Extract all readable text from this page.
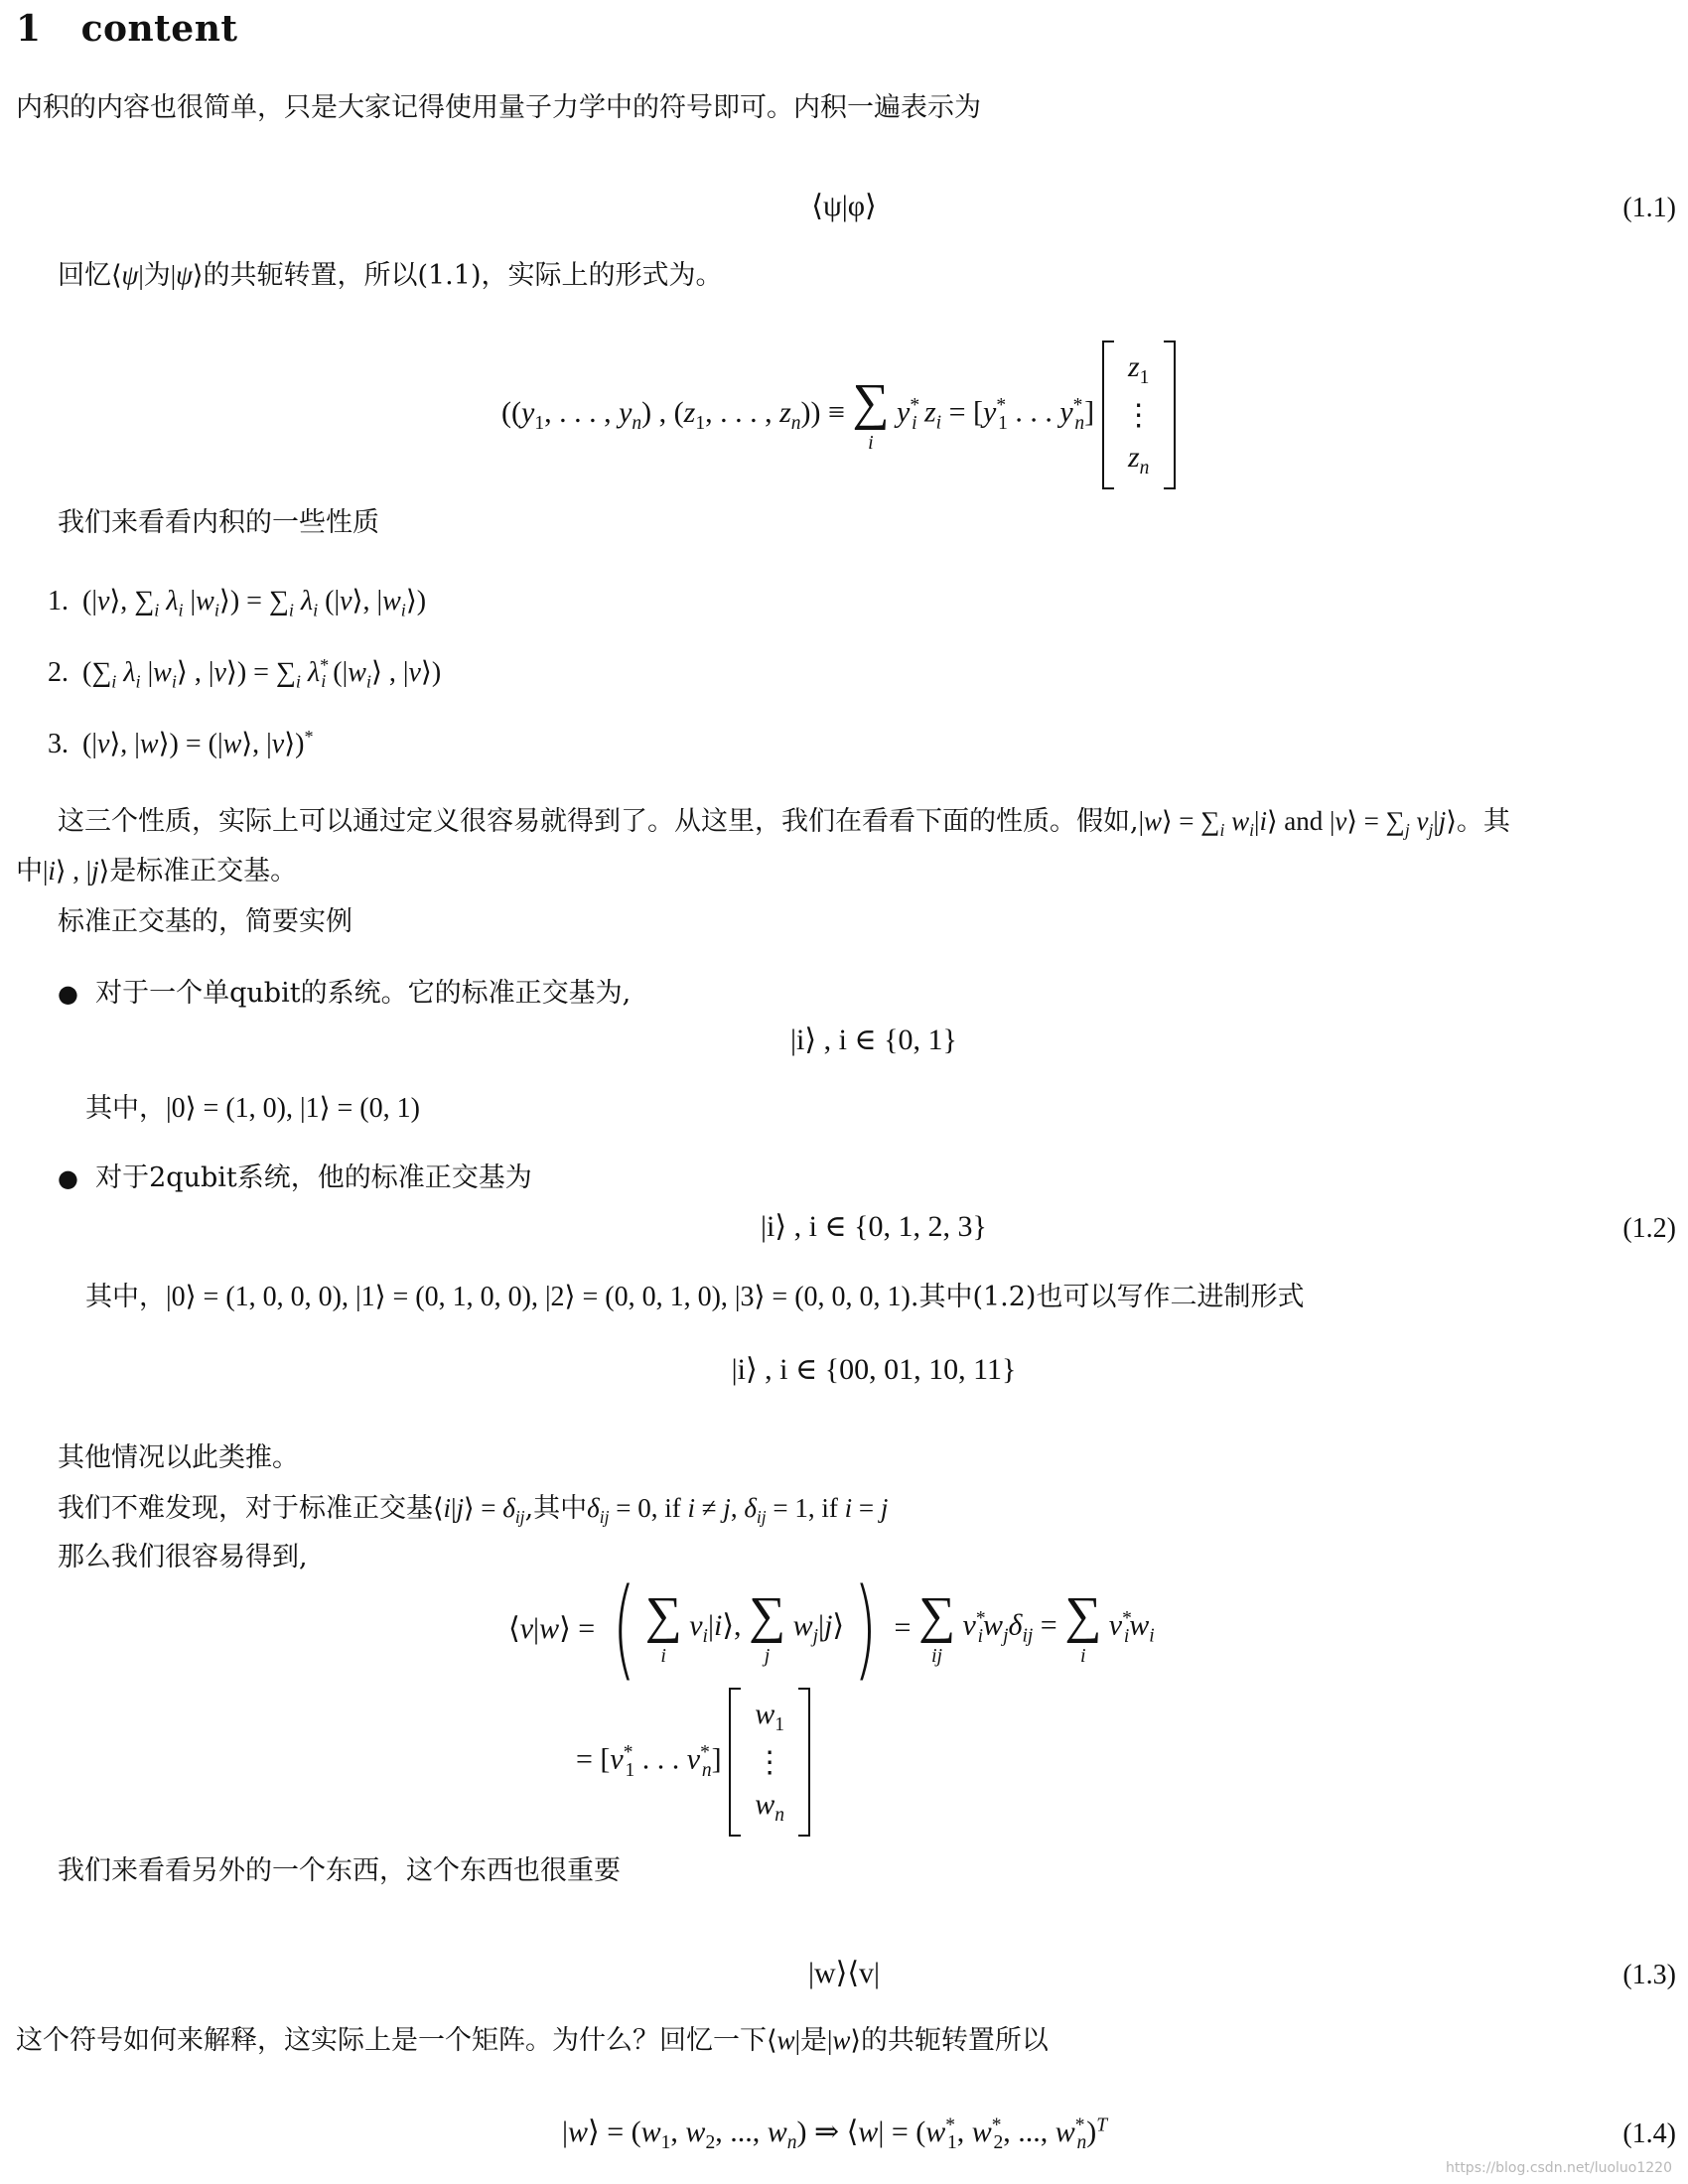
1 content
内积的内容也很简单，只是大家记得使用量子力学中的符号即可。内积一遍表示为
⟨ψ|φ⟩	(1.1)
回忆⟨ψ|为|ψ⟩的共轭转置，所以(1.1)，实际上的形式为。
(($y_1$, . . . , $y_n$) , ($z_1$, . . . , $z_n$)) ≡ ∑
i
$y^*_i$ $z_i = [y^*_1$ . . . $y^*_n$]
$z_1$
⋮
$z_n$
我们来看看内积的一些性质
1.  (|v⟩, $\sum_i$ $\lambda_i$ $|w_i⟩) = \sum_i$ $\lambda_i$ (|v⟩, $|w_i⟩$)
2.  ($\sum_i$ $\lambda_i$ $|w_i⟩$ , |v⟩) = $\sum_i$ $\lambda^*_i$ ($|w_i⟩$ , |v⟩)
3.  (|v⟩, |w⟩) = (|w⟩, |v⟩)*
这三个性质，实际上可以通过定义很容易就得到了。从这里，我们在看看下面的性质。假如,|w⟩ = $\sum_i$ $w_i|i⟩$ and |v⟩ = $\sum_j$ $v_j|j⟩$。其
中|i⟩ , |j⟩是标准正交基。
标准正交基的，简要实例
● 对于一个单qubit的系统。它的标准正交基为,
|i⟩ , i ∈ {0, 1}
其中，|0⟩ = (1, 0), |1⟩ = (0, 1)
● 对于2qubit系统，他的标准正交基为
|i⟩ , i ∈ {0, 1, 2, 3}	(1.2)
其中，|0⟩ = (1, 0, 0, 0), |1⟩ = (0, 1, 0, 0), |2⟩ = (0, 0, 1, 0), |3⟩ = (0, 0, 0, 1).其中(1.2)也可以写作二进制形式
|i⟩ , i ∈ {00, 01, 10, 11}
其他情况以此类推。
我们不难发现，对于标准正交基⟨i|j⟩ = $\delta_{ij}$,其中$\delta_{ij} = 0$, if i ≠ j, $\delta_{ij} = 1$, if i = j
那么我们很容易得到,
⟨v|w⟩ = ( ∑
i
$v_i|i⟩$, ∑
j
$w_j|j⟩$ ) = ∑
ij
$v^*_iw_j\delta_{ij}$ = ∑
i
$v^*_iw_i$
= [$v^*_1$ . . . $v^*_n$]
$w_1$
⋮
$w_n$
我们来看看另外的一个东西，这个东西也很重要
|w⟩⟨v|	(1.3)
这个符号如何来解释，这实际上是一个矩阵。为什么？回忆一下⟨w|是|w⟩的共轭转置所以
|w⟩ = ($w_1$, $w_2$, ..., $w_n$) ⇒ ⟨w| = ($w^*_1$, $w^*_2$, ..., $w^*_n)^T$	(1.4)
https://blog.csdn.net/luoluo1220
